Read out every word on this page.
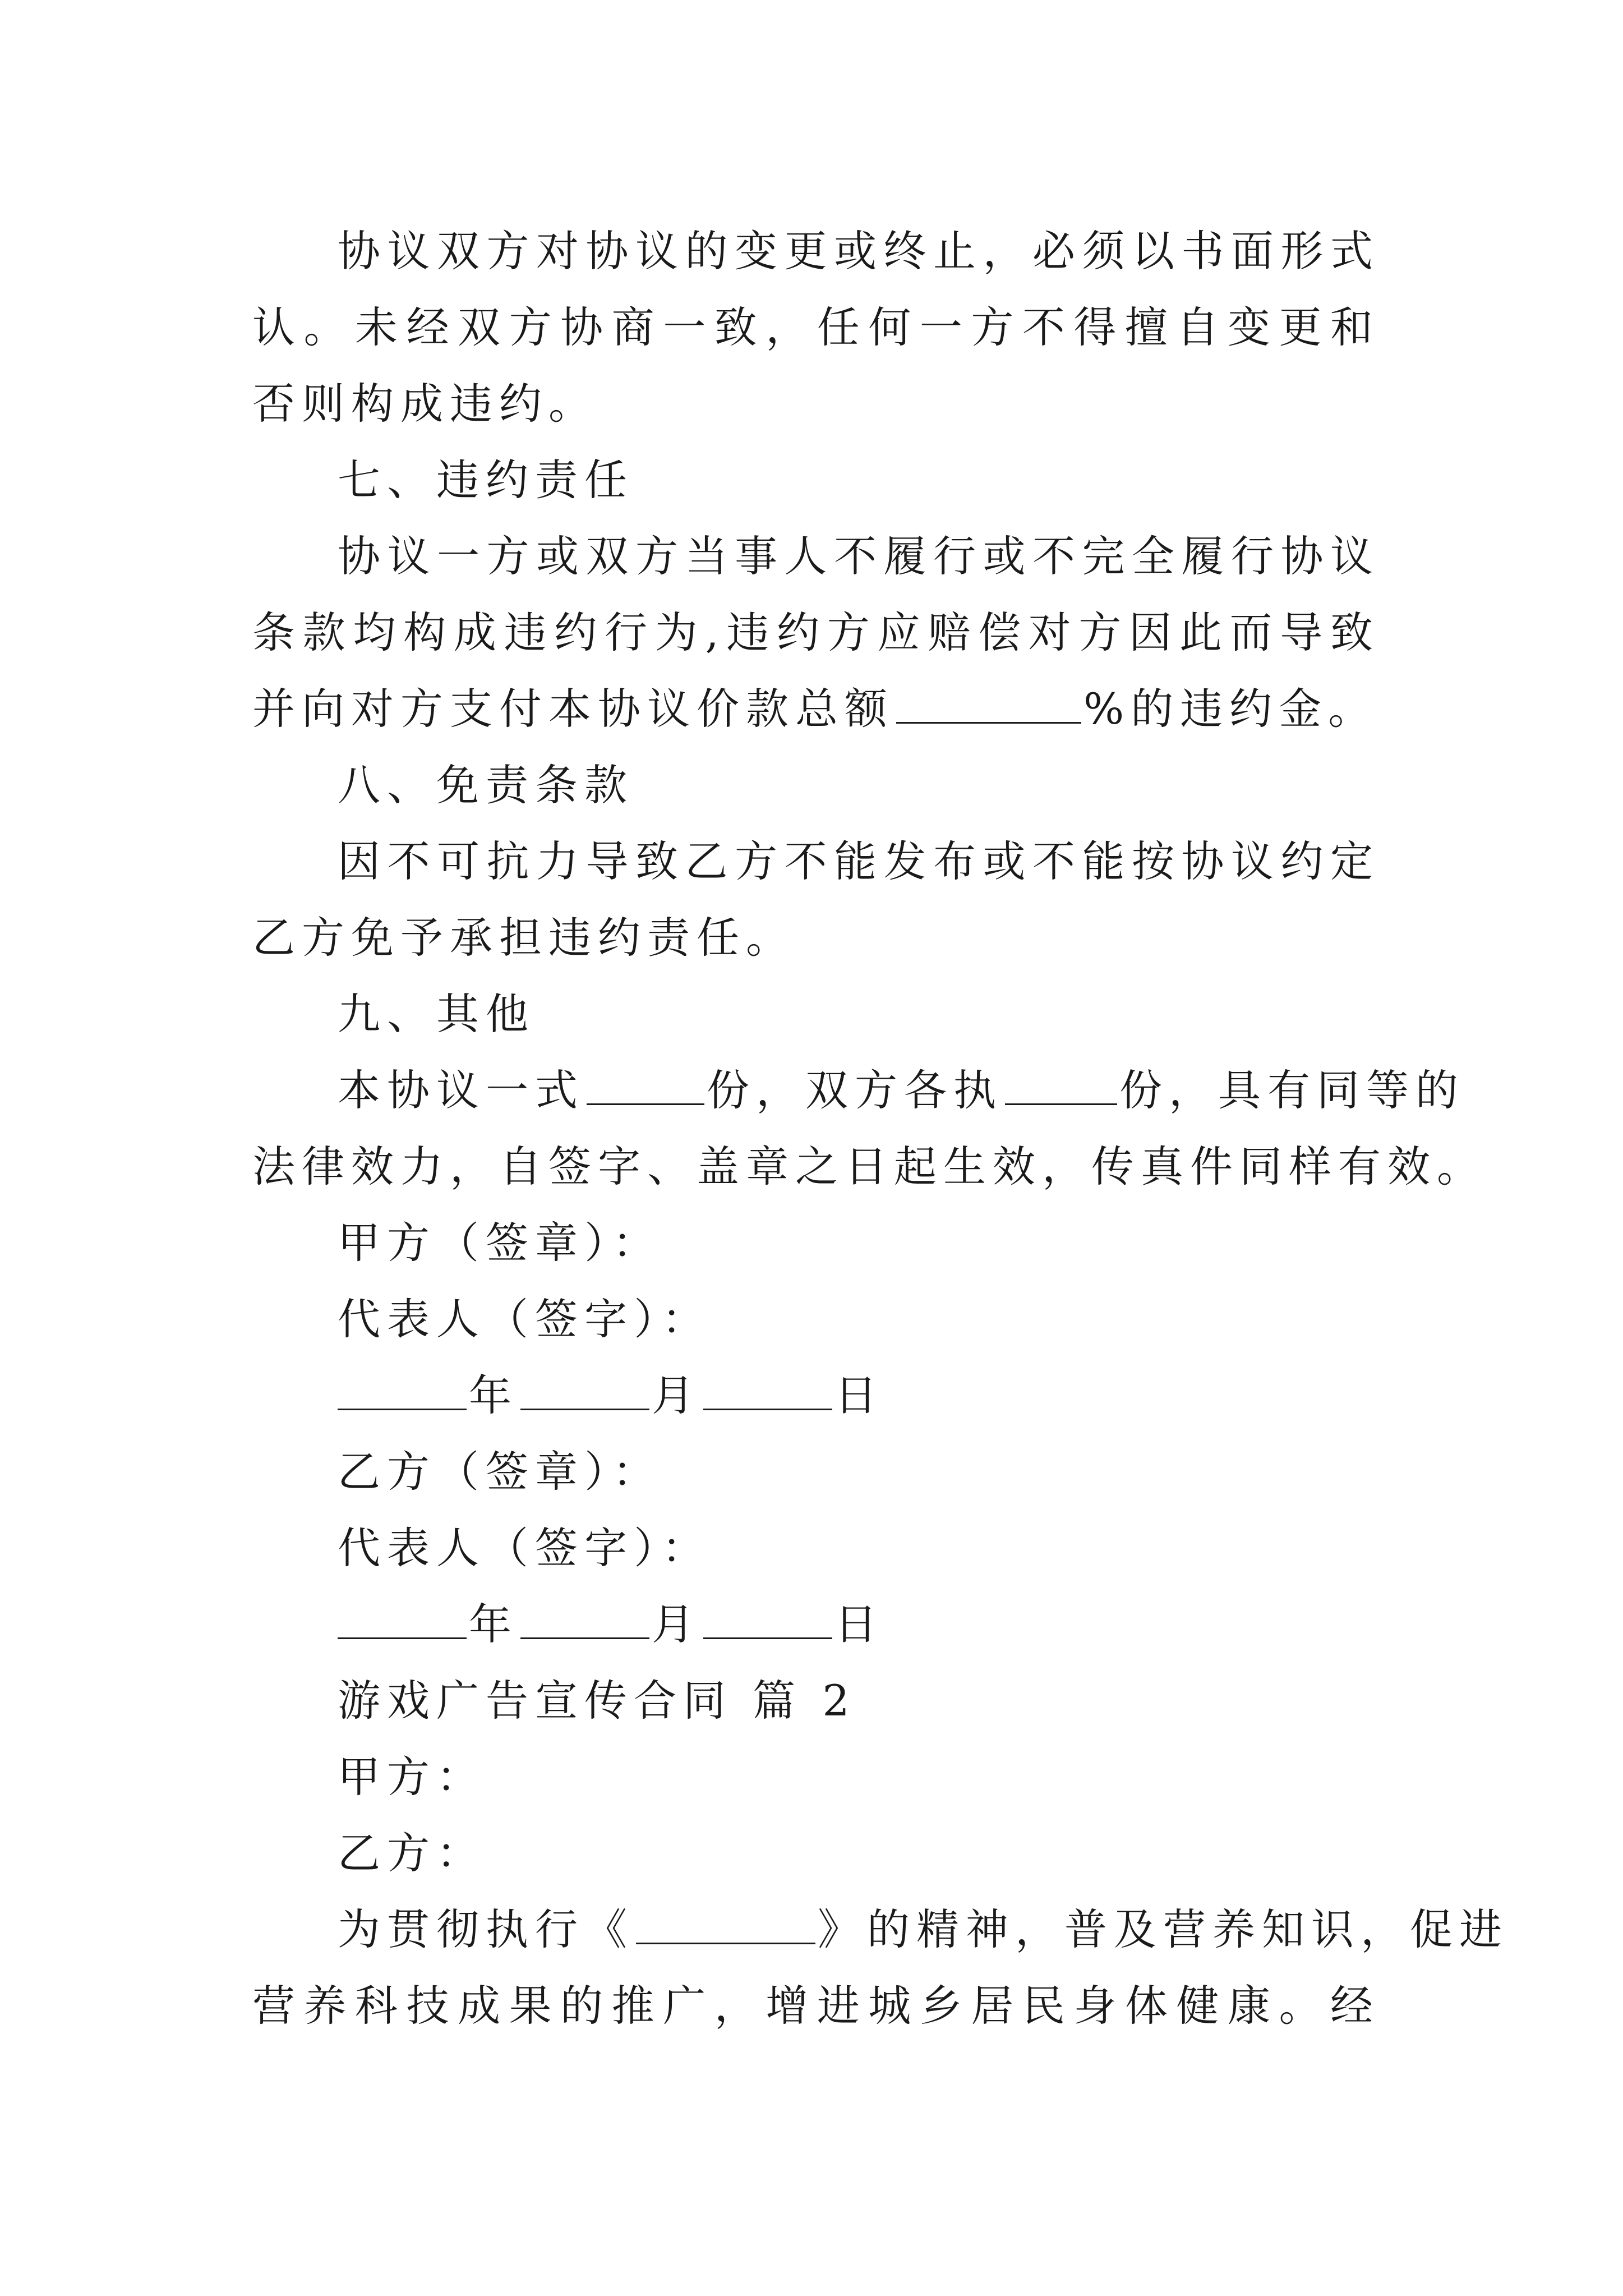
协议双方对协议的变更或终止，必须以书面形式
认。未经双方协商一致，任何一方不得擅自变更和
否则构成违约。
七、违约责任
协议一方或双方当事人不履行或不完全履行协议
条款均构成违约行为,违约方应赔偿对方因此而导致
并向对方支付本协议价款总额	%的违约金。
八、免责条款
因不可抗力导致乙方不能发布或不能按协议约定
乙方免予承担违约责任。
九、其他
本协议一式	份，双方各执	份，具有同等的
法律效力，自签字、盖章之日起生效，传真件同样有效。
甲方（签章）：
代表人（签字）：
年	月	日
乙方（签章）：
代表人（签字）：
年	月	日
游戏广告宣传合同 篇 2
甲方：
乙方：
为贯彻执行《	》的精神，普及营养知识，促进
营养科技成果的推广，增进城乡居民身体健康。经
